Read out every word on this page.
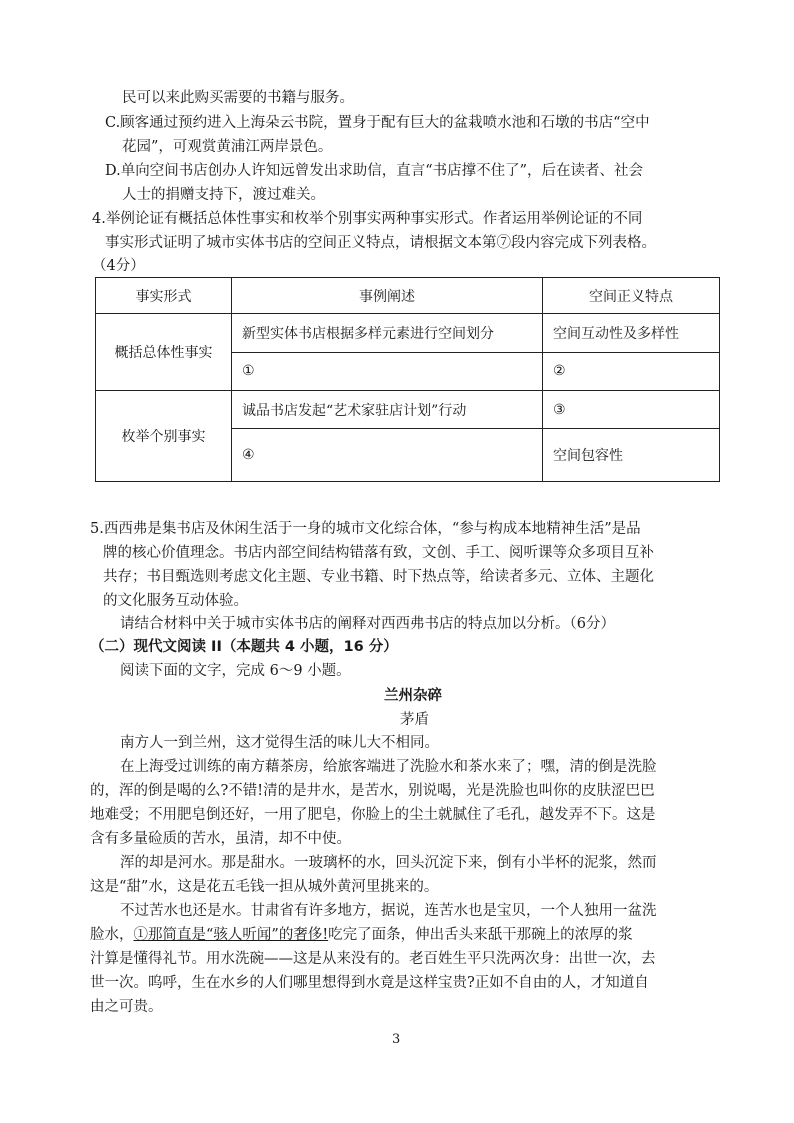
民可以来此购买需要的书籍与服务。
C.顾客通过预约进入上海朵云书院，置身于配有巨大的盆栽喷水池和石墩的书店“空中
花园”，可观赏黄浦江两岸景色。
D.单向空间书店创办人许知远曾发出求助信，直言“书店撑不住了”，后在读者、社会
人士的捐赠支持下，渡过难关。
4.举例论证有概括总体性事实和枚举个别事实两种事实形式。作者运用举例论证的不同
事实形式证明了城市实体书店的空间正义特点，请根据文本第⑦段内容完成下列表格。
（4分）
事实形式	事例阐述	空间正义特点
概括总体性事实	新型实体书店根据多样元素进行空间划分	空间互动性及多样性
	①	②
枚举个别事实	诚品书店发起“艺术家驻店计划”行动	③
	④	空间包容性
5.西西弗是集书店及休闲生活于一身的城市文化综合体，“参与构成本地精神生活”是品
牌的核心价值理念。书店内部空间结构错落有致，文创、手工、阅听课等众多项目互补
共存；书目甄选则考虑文化主题、专业书籍、时下热点等，给读者多元、立体、主题化
的文化服务互动体验。
请结合材料中关于城市实体书店的阐释对西西弗书店的特点加以分析。（6分）
（二）现代文阅读 II（本题共 4 小题，16 分）
阅读下面的文字，完成 6～9 小题。
兰州杂碎
茅盾
南方人一到兰州，这才觉得生活的味儿大不相同。
在上海受过训练的南方藉茶房，给旅客端进了洗脸水和茶水来了；嘿，清的倒是洗脸
的，浑的倒是喝的么?不错!清的是井水，是苦水，别说喝，光是洗脸也叫你的皮肤涩巴巴
地难受；不用肥皂倒还好，一用了肥皂，你脸上的尘土就腻住了毛孔，越发弄不下。这是
含有多量硷质的苦水，虽清，却不中使。
浑的却是河水。那是甜水。一玻璃杯的水，回头沉淀下来，倒有小半杯的泥浆，然而
这是“甜”水，这是花五毛钱一担从城外黄河里挑来的。
不过苦水也还是水。甘肃省有许多地方，据说，连苦水也是宝贝，一个人独用一盆洗
脸水，①那简直是“骇人听闻”的奢侈!吃完了面条，伸出舌头来舐干那碗上的浓厚的浆
汁算是懂得礼节。用水洗碗——这是从来没有的。老百姓生平只洗两次身：出世一次，去
世一次。呜呼，生在水乡的人们哪里想得到水竟是这样宝贵?正如不自由的人，才知道自
由之可贵。
3
